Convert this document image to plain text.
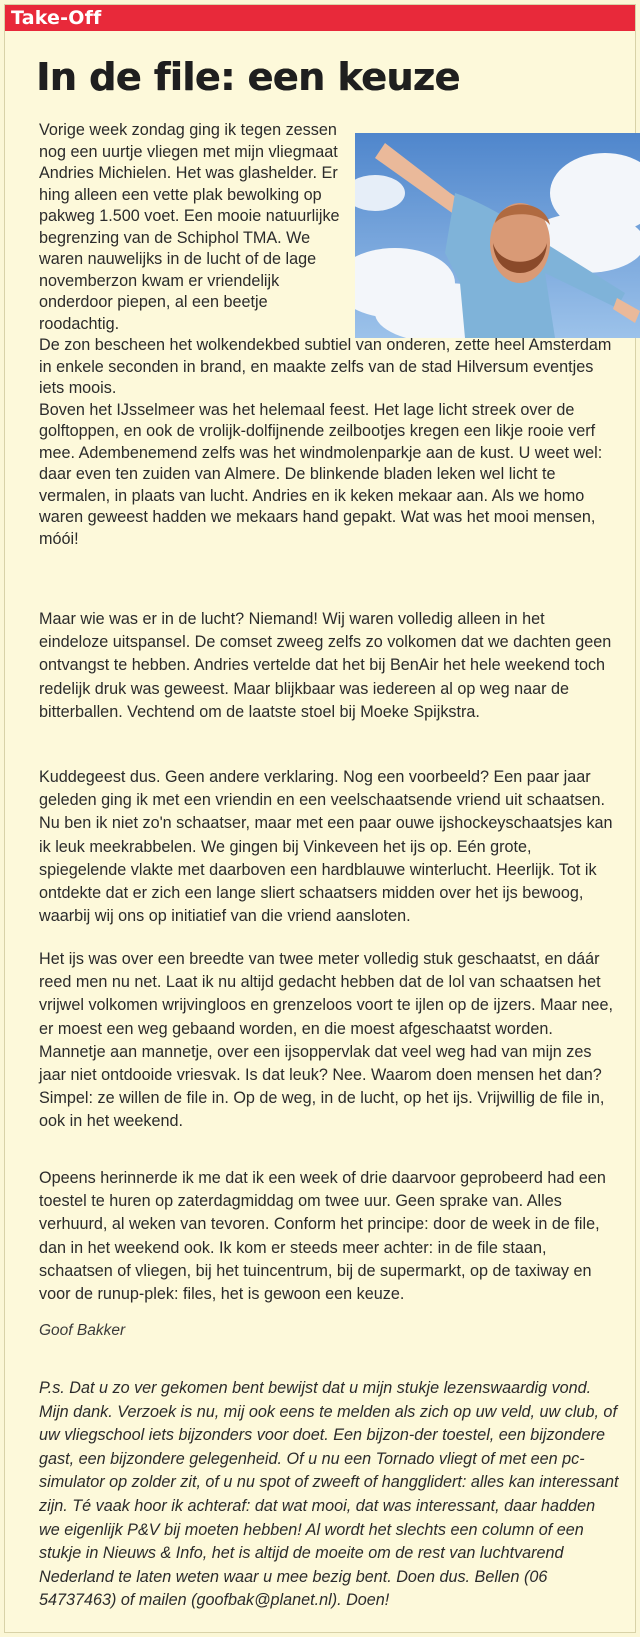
Take-Off
In de file: een keuze

Vorige week zondag ging ik tegen zessen nog een uurtje vliegen met mijn vliegmaat Andries Michielen. Het was glashelder. Er hing alleen een vette plak bewolking op pakweg 1.500 voet. Een mooie natuurlijke begrenzing van de Schiphol TMA. We waren nauwelijks in de lucht of de lage novemberzon kwam er vriendelijk onderdoor piepen, al een beetje roodachtig.

De zon bescheen het wolkendekbed subtiel van onderen, zette heel Amsterdam in enkele seconden in brand, en maakte zelfs van de stad Hilversum eventjes iets moois.

Boven het IJsselmeer was het helemaal feest. Het lage licht streek over de golftoppen, en ook de vrolijk-dolfijnende zeilbootjes kregen een likje rooie verf mee. Adembenemend zelfs was het windmolenparkje aan de kust. U weet wel: daar even ten zuiden van Almere. De blinkende bladen leken wel licht te vermalen, in plaats van lucht. Andries en ik keken mekaar aan. Als we homo waren geweest hadden we mekaars hand gepakt. Wat was het mooi mensen, móói!

Maar wie was er in de lucht? Niemand! Wij waren volledig alleen in het eindeloze uitspansel. De comset zweeg zelfs zo volkomen dat we dachten geen ontvangst te hebben. Andries vertelde dat het bij BenAir het hele weekend toch redelijk druk was geweest. Maar blijkbaar was iedereen al op weg naar de bitterballen. Vechtend om de laatste stoel bij Moeke Spijkstra.

Kuddegeest dus. Geen andere verklaring. Nog een voorbeeld? Een paar jaar geleden ging ik met een vriendin en een veelschaatsende vriend uit schaatsen. Nu ben ik niet zo'n schaatser, maar met een paar ouwe ijshockeyschaatsjes kan ik leuk meekrabbelen. We gingen bij Vinkeveen het ijs op. Eén grote, spiegelende vlakte met daarboven een hardblauwe winterlucht. Heerlijk. Tot ik ontdekte dat er zich een lange sliert schaatsers midden over het ijs bewoog, waarbij wij ons op initiatief van die vriend aansloten.

Het ijs was over een breedte van twee meter volledig stuk geschaatst, en dáár reed men nu net. Laat ik nu altijd gedacht hebben dat de lol van schaatsen het vrijwel volkomen wrijvingloos en grenzeloos voort te ijlen op de ijzers. Maar nee, er moest een weg gebaand worden, en die moest afgeschaatst worden. Mannetje aan mannetje, over een ijsoppervlak dat veel weg had van mijn zes jaar niet ontdooide vriesvak. Is dat leuk? Nee. Waarom doen mensen het dan? Simpel: ze willen de file in. Op de weg, in de lucht, op het ijs. Vrijwillig de file in, ook in het weekend.

Opeens herinnerde ik me dat ik een week of drie daarvoor geprobeerd had een toestel te huren op zaterdagmiddag om twee uur. Geen sprake van. Alles verhuurd, al weken van tevoren. Conform het principe: door de week in de file, dan in het weekend ook. Ik kom er steeds meer achter: in de file staan, schaatsen of vliegen, bij het tuincentrum, bij de supermarkt, op de taxiway en voor de runup-plek: files, het is gewoon een keuze.

Goof Bakker

P.s. Dat u zo ver gekomen bent bewijst dat u mijn stukje lezenswaardig vond. Mijn dank. Verzoek is nu, mij ook eens te melden als zich op uw veld, uw club, of uw vliegschool iets bijzonders voor doet. Een bijzon-der toestel, een bijzondere gast, een bijzondere gelegenheid. Of u nu een Tornado vliegt of met een pc-simulator op zolder zit, of u nu spot of zweeft of hangglidert: alles kan interessant zijn. Té vaak hoor ik achteraf: dat wat mooi, dat was interessant, daar hadden we eigenlijk P&V bij moeten hebben! Al wordt het slechts een column of een stukje in Nieuws & Info, het is altijd de moeite om de rest van luchtvarend Nederland te laten weten waar u mee bezig bent. Doen dus. Bellen (06 54737463) of mailen (goofbak@planet.nl). Doen!
